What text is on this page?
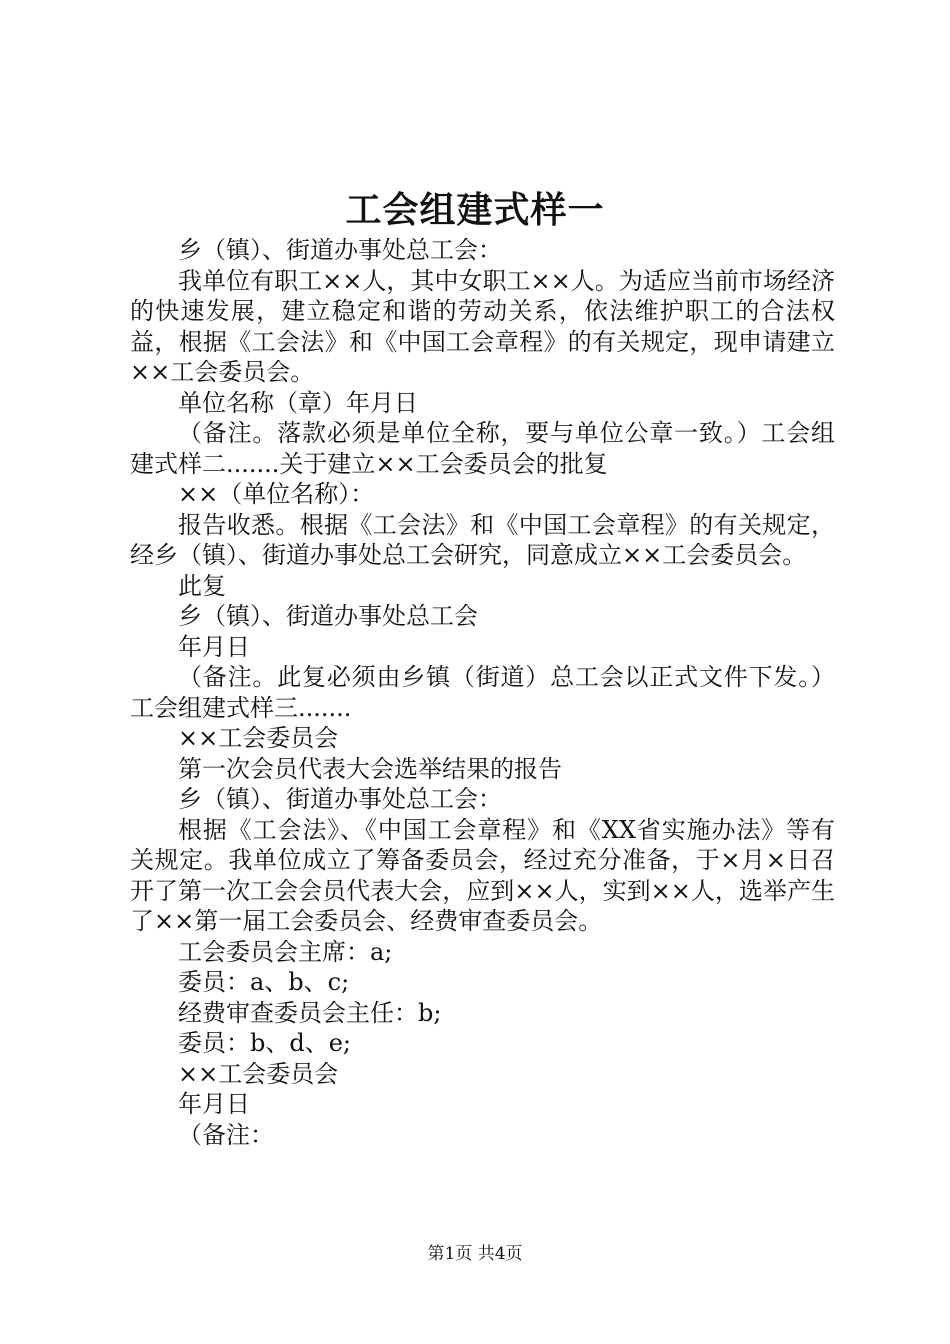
工会组建式样一

乡（镇）、街道办事处总工会：

我单位有职工××人，其中女职工××人。为适应当前市场经济的快速发展，建立稳定和谐的劳动关系，依法维护职工的合法权益，根据《工会法》和《中国工会章程》的有关规定，现申请建立××工会委员会。

单位名称（章）年月日

（备注。落款必须是单位全称，要与单位公章一致。）工会组建式样二.......关于建立××工会委员会的批复

××（单位名称）：

报告收悉。根据《工会法》和《中国工会章程》的有关规定，经乡（镇）、街道办事处总工会研究，同意成立××工会委员会。

此复

乡（镇）、街道办事处总工会

年月日

（备注。此复必须由乡镇（街道）总工会以正式文件下发。）工会组建式样三.......

××工会委员会

第一次会员代表大会选举结果的报告

乡（镇）、街道办事处总工会：

根据《工会法》、《中国工会章程》和《XX省实施办法》等有关规定。我单位成立了筹备委员会，经过充分准备，于×月×日召开了第一次工会会员代表大会，应到××人，实到××人，选举产生了××第一届工会委员会、经费审查委员会。

工会委员会主席：a;

委员：a、b、c;

经费审查委员会主任：b;

委员：b、d、e;

××工会委员会

年月日

（备注：

第1页 共4页
